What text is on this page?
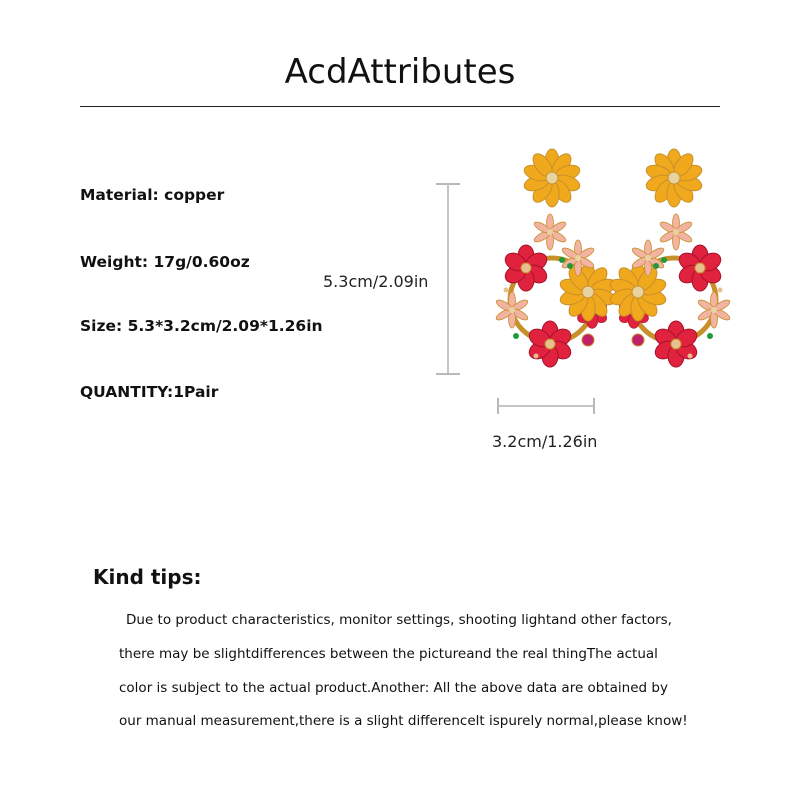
AcdAttributes
Material: copper
Weight: 17g/0.60oz
Size: 5.3*3.2cm/2.09*1.26in
QUANTITY:1Pair
5.3cm/2.09in
3.2cm/1.26in
Kind tips:
Due to product characteristics, monitor settings, shooting lightand other factors,
there may be slightdifferences between the pictureand the real thingThe actual
color is subject to the actual product.Another: All the above data are obtained by
our manual measurement,there is a slight differencelt ispurely normal,please know!
